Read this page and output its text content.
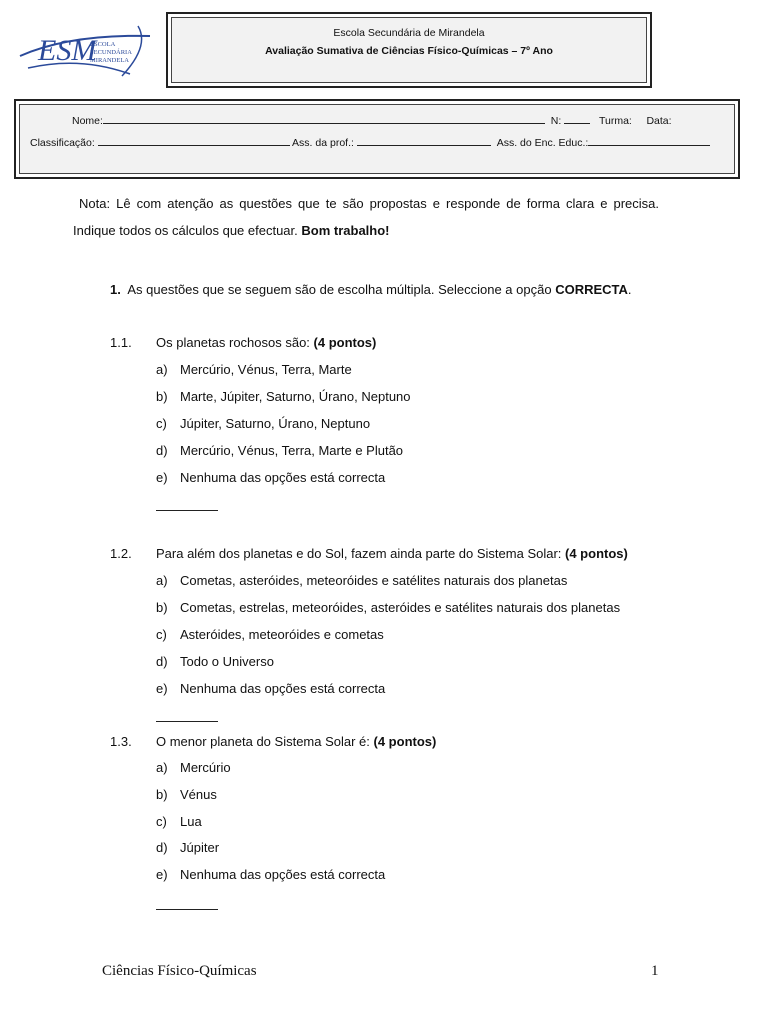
ESM
ESCOLA
SECUNDÁRIA
MIRANDELA
Escola Secundária de Mirandela
Avaliação Sumativa de Ciências Físico-Químicas – 7º Ano
Nome:	N:	Turma: Data:
Classificação:	Ass. da prof.:	Ass. do Enc. Educ.:
Nota: Lê com atenção as questões que te são propostas e responde de forma clara e precisa. Indique todos os cálculos que efectuar. Bom trabalho!
1. As questões que se seguem são de escolha múltipla. Seleccione a opção CORRECTA.
1.1. Os planetas rochosos são: (4 pontos)
a) Mercúrio, Vénus, Terra, Marte
b) Marte, Júpiter, Saturno, Úrano, Neptuno
c) Júpiter, Saturno, Úrano, Neptuno
d) Mercúrio, Vénus, Terra, Marte e Plutão
e) Nenhuma das opções está correcta
1.2. Para além dos planetas e do Sol, fazem ainda parte do Sistema Solar: (4 pontos)
a) Cometas, asteróides, meteoróides e satélites naturais dos planetas
b) Cometas, estrelas, meteoróides, asteróides e satélites naturais dos planetas
c) Asteróides, meteoróides e cometas
d) Todo o Universo
e) Nenhuma das opções está correcta
1.3. O menor planeta do Sistema Solar é: (4 pontos)
a) Mercúrio
b) Vénus
c) Lua
d) Júpiter
e) Nenhuma das opções está correcta
Ciências Físico-Químicas	1
